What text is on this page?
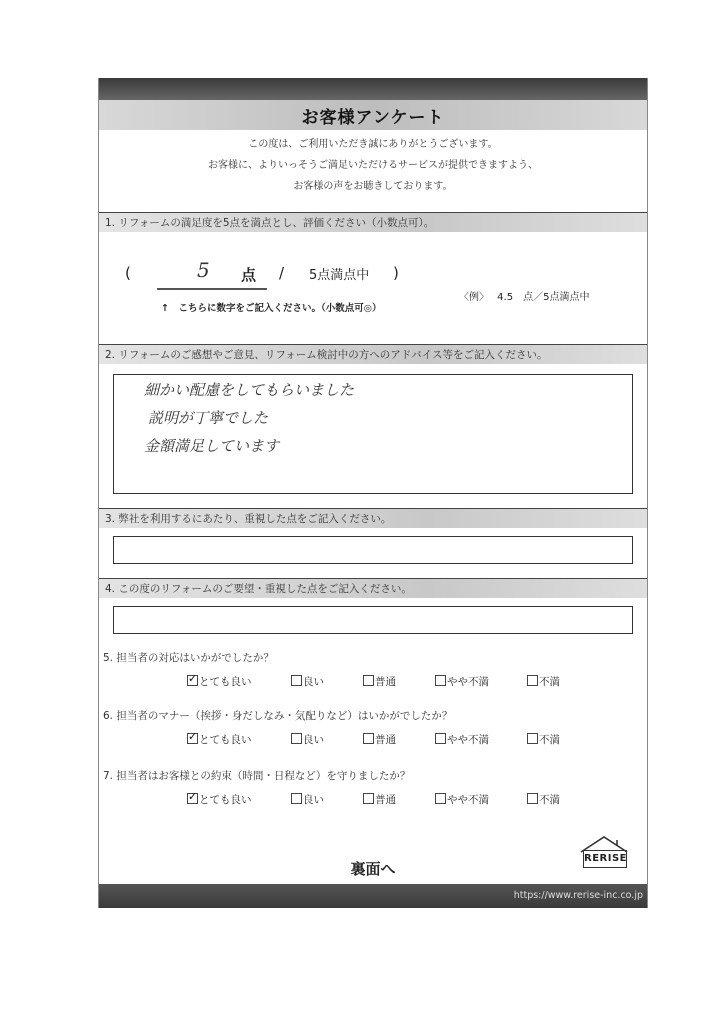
お客様アンケート
この度は、ご利用いただき誠にありがとうございます。
お客様に、よりいっそうご満足いただけるサービスが提供できますよう、
お客様の声をお聴きしております。
1. リフォームの満足度を5点を満点とし、評価ください（小数点可）。
(	5 点 / 5点満点中 )
↑　こちらに数字をご記入ください。（小数点可◎）
〈例〉　 4.5　点／5点満点中
2. リフォームのご感想やご意見、リフォーム検討中の方へのアドバイス等をご記入ください。
細かい配慮をしてもらいました
説明が丁寧でした
金額満足しています
3. 弊社を利用するにあたり、重視した点をご記入ください。
4. この度のリフォームのご要望・重視した点をご記入ください。
5. 担当者の対応はいかがでしたか？
✓とても良い	良い	普通	やや不満	不満
6. 担当者のマナー（挨拶・身だしなみ・気配りなど）はいかがでしたか？
✓とても良い	良い	普通	やや不満	不満
7. 担当者はお客様との約束（時間・日程など）を守りましたか？
✓とても良い	良い	普通	やや不満	不満
RERISE
裏面へ
https://www.rerise-inc.co.jp
